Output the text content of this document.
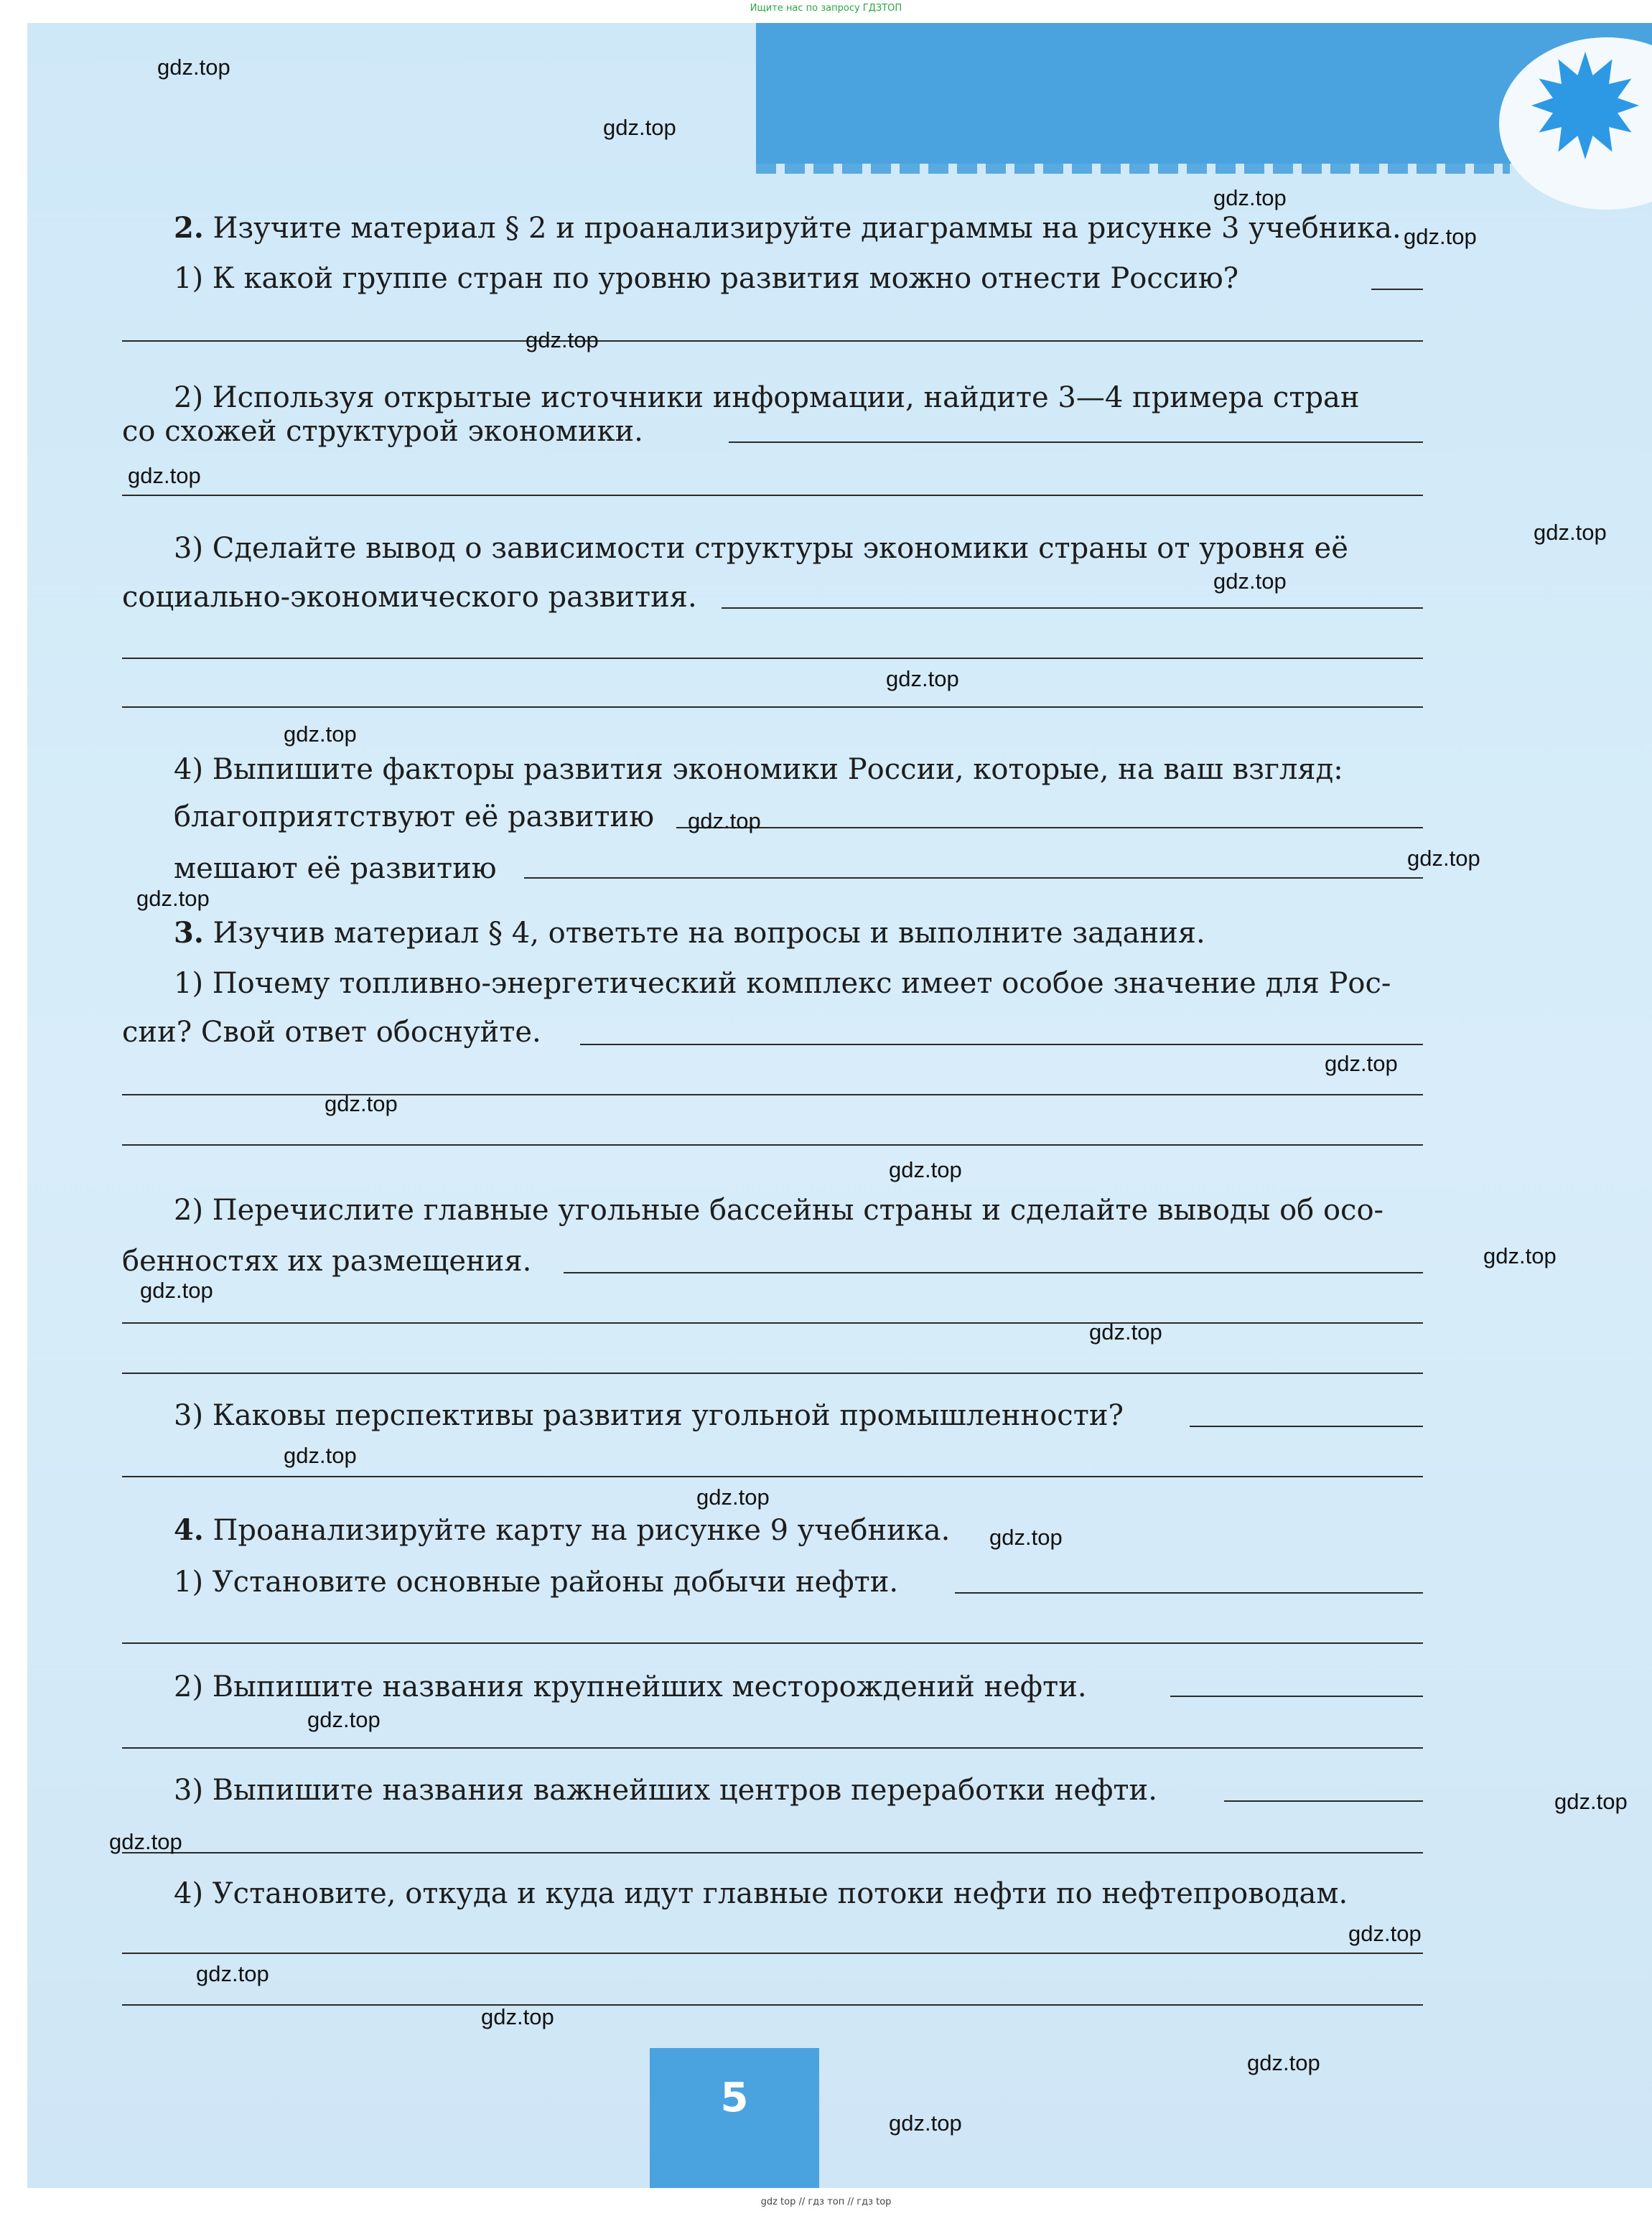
Ищите нас по запросу ГДЗТОП
2. Изучите материал § 2 и проанализируйте диаграммы на рисунке 3 учебника.
1) К какой группе стран по уровню развития можно отнести Россию?
2) Используя открытые источники информации, найдите 3—4 примера стран
со схожей структурой экономики.
3) Сделайте вывод о зависимости структуры экономики страны от уровня её
социально-экономического развития.
4) Выпишите факторы развития экономики России, которые, на ваш взгляд:
благоприятствуют её развитию
мешают её развитию
3. Изучив материал § 4, ответьте на вопросы и выполните задания.
1) Почему топливно-энергетический комплекс имеет особое значение для Рос-
сии? Свой ответ обоснуйте.
2) Перечислите главные угольные бассейны страны и сделайте выводы об осо-
бенностях их размещения.
3) Каковы перспективы развития угольной промышленности?
4. Проанализируйте карту на рисунке 9 учебника.
1) Установите основные районы добычи нефти.
2) Выпишите названия крупнейших месторождений нефти.
3) Выпишите названия важнейших центров переработки нефти.
4) Установите, откуда и куда идут главные потоки нефти по нефтепроводам.
5
gdz.top
gdz.top
gdz.top
gdz.top
gdz.top
gdz.top
gdz.top
gdz.top
gdz.top
gdz.top
gdz.top
gdz.top
gdz.top
gdz.top
gdz.top
gdz.top
gdz.top
gdz.top
gdz.top
gdz.top
gdz.top
gdz.top
gdz.top
gdz.top
gdz.top
gdz.top
gdz.top
gdz.top
gdz.top
gdz.top
gdz top // гдз топ // гдз top
